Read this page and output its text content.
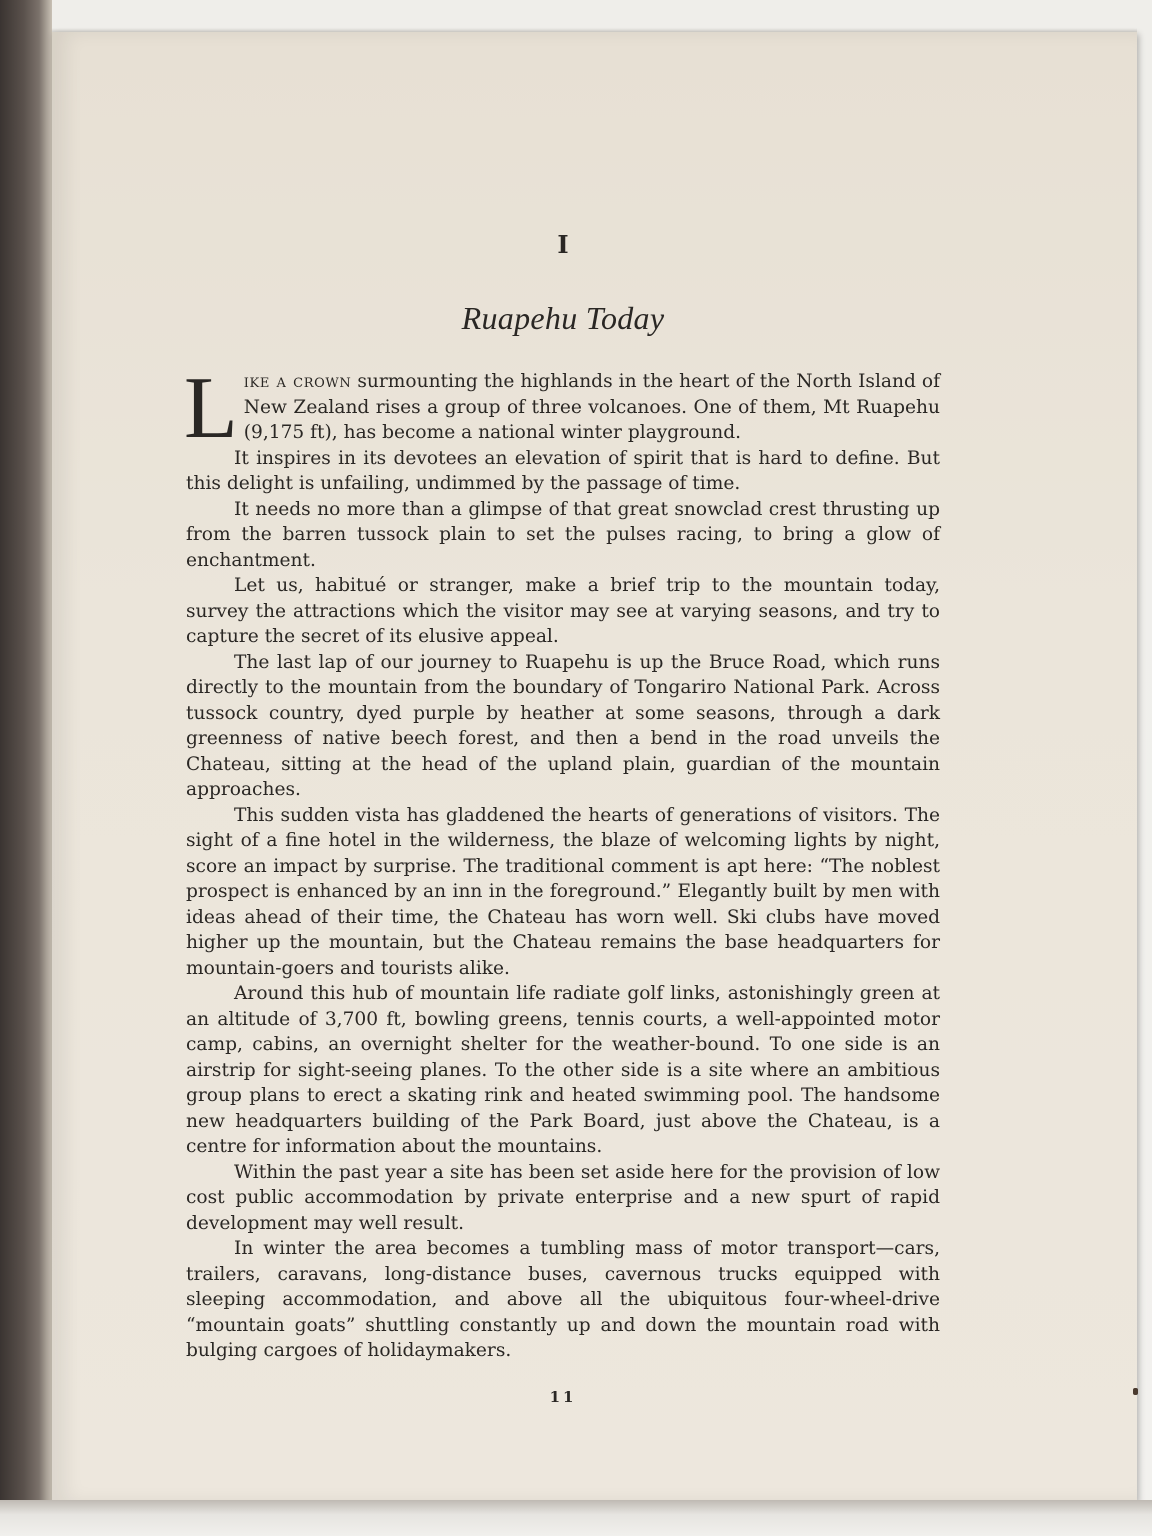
I
Ruapehu Today

Like a crown surmounting the highlands in the heart of the North Island of New Zealand rises a group of three volcanoes. One of them, Mt Ruapehu (9,175 ft), has become a national winter playground.

It inspires in its devotees an elevation of spirit that is hard to define. But this delight is unfailing, undimmed by the passage of time.

It needs no more than a glimpse of that great snowclad crest thrusting up from the barren tussock plain to set the pulses racing, to bring a glow of enchantment.

Let us, habitué or stranger, make a brief trip to the mountain today, survey the attractions which the visitor may see at varying seasons, and try to capture the secret of its elusive appeal.

The last lap of our journey to Ruapehu is up the Bruce Road, which runs directly to the mountain from the boundary of Tongariro National Park. Across tussock country, dyed purple by heather at some seasons, through a dark greenness of native beech forest, and then a bend in the road unveils the Chateau, sitting at the head of the upland plain, guardian of the mountain approaches.

This sudden vista has gladdened the hearts of generations of visitors. The sight of a fine hotel in the wilderness, the blaze of welcoming lights by night, score an impact by surprise. The traditional comment is apt here: “The noblest prospect is enhanced by an inn in the foreground.” Elegantly built by men with ideas ahead of their time, the Chateau has worn well. Ski clubs have moved higher up the mountain, but the Chateau remains the base headquarters for mountain-goers and tourists alike.

Around this hub of mountain life radiate golf links, astonishingly green at an altitude of 3,700 ft, bowling greens, tennis courts, a well-appointed motor camp, cabins, an overnight shelter for the weather-bound. To one side is an airstrip for sight-seeing planes. To the other side is a site where an ambitious group plans to erect a skating rink and heated swimming pool. The handsome new headquarters building of the Park Board, just above the Chateau, is a centre for information about the mountains.

Within the past year a site has been set aside here for the provision of low cost public accommodation by private enterprise and a new spurt of rapid development may well result.

In winter the area becomes a tumbling mass of motor transport—cars, trailers, caravans, long-distance buses, cavernous trucks equipped with sleeping accommodation, and above all the ubiquitous four-wheel-drive “mountain goats” shuttling constantly up and down the mountain road with bulging cargoes of holidaymakers.

11
